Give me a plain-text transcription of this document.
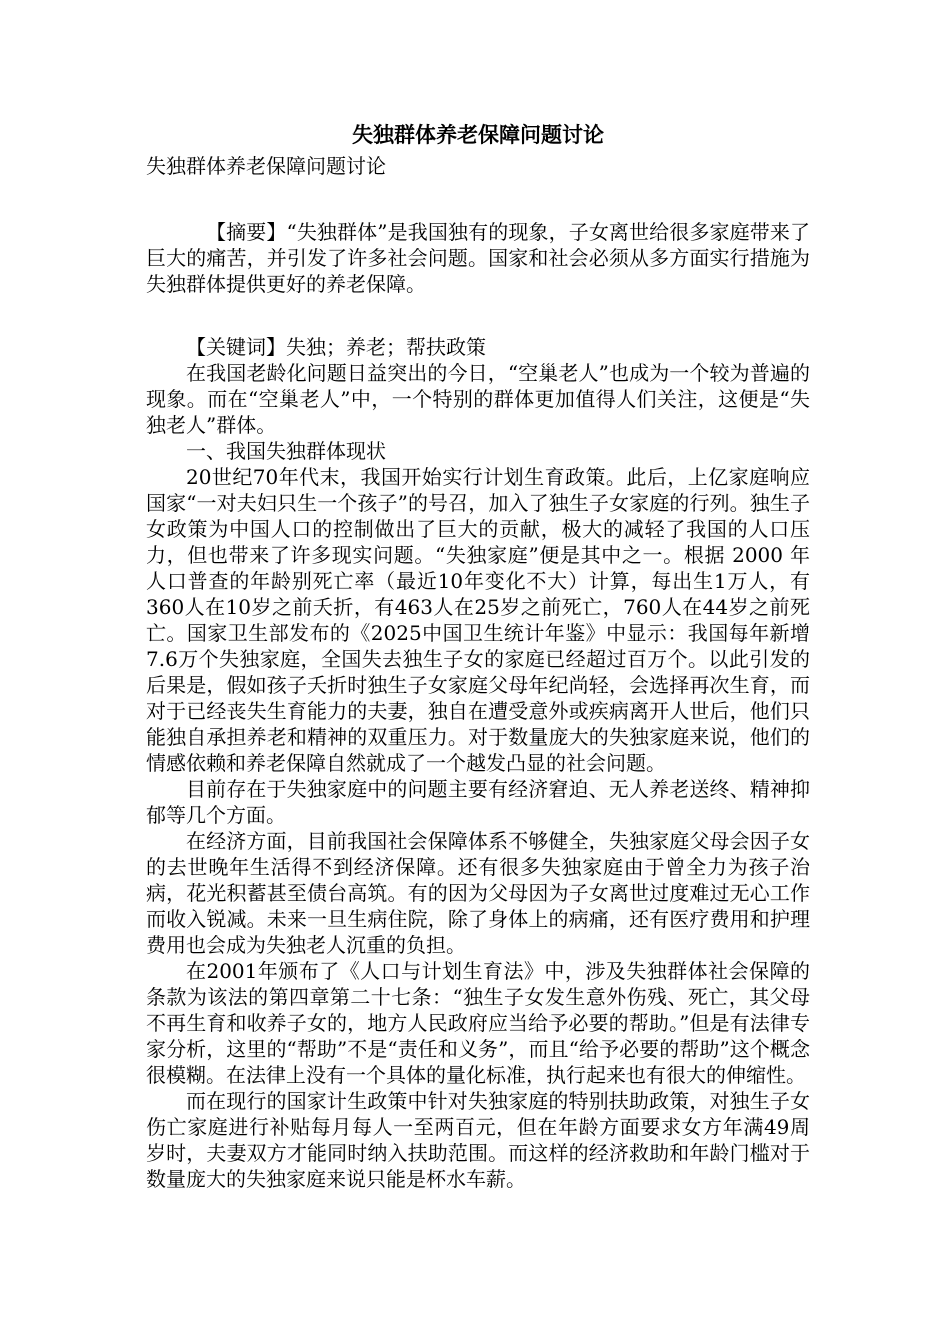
失独群体养老保障问题讨论

失独群体养老保障问题讨论

【摘要】“失独群体”是我国独有的现象，子女离世给很多家庭带来了巨大的痛苦，并引发了许多社会问题。国家和社会必须从多方面实行措施为失独群体提供更好的养老保障。

【关键词】失独；养老；帮扶政策

在我国老龄化问题日益突出的今日，“空巢老人”也成为一个较为普遍的现象。而在“空巢老人”中，一个特别的群体更加值得人们关注，这便是“失独老人”群体。

一、我国失独群体现状

20世纪70年代末，我国开始实行计划生育政策。此后，上亿家庭响应国家“一对夫妇只生一个孩子”的号召，加入了独生子女家庭的行列。独生子女政策为中国人口的控制做出了巨大的贡献，极大的减轻了我国的人口压力，但也带来了许多现实问题。“失独家庭”便是其中之一。根据 2000 年人口普查的年龄别死亡率（最近10年变化不大）计算，每出生1万人，有360人在10岁之前夭折，有463人在25岁之前死亡，760人在44岁之前死亡。国家卫生部发布的《2025中国卫生统计年鉴》中显示：我国每年新增7.6万个失独家庭，全国失去独生子女的家庭已经超过百万个。以此引发的后果是，假如孩子夭折时独生子女家庭父母年纪尚轻，会选择再次生育，而对于已经丧失生育能力的夫妻，独自在遭受意外或疾病离开人世后，他们只能独自承担养老和精神的双重压力。对于数量庞大的失独家庭来说，他们的情感依赖和养老保障自然就成了一个越发凸显的社会问题。

目前存在于失独家庭中的问题主要有经济窘迫、无人养老送终、精神抑郁等几个方面。

在经济方面，目前我国社会保障体系不够健全，失独家庭父母会因子女的去世晚年生活得不到经济保障。还有很多失独家庭由于曾全力为孩子治病，花光积蓄甚至债台高筑。有的因为父母因为子女离世过度难过无心工作而收入锐减。未来一旦生病住院，除了身体上的病痛，还有医疗费用和护理费用也会成为失独老人沉重的负担。

在2001年颁布了《人口与计划生育法》中，涉及失独群体社会保障的条款为该法的第四章第二十七条：“独生子女发生意外伤残、死亡，其父母不再生育和收养子女的，地方人民政府应当给予必要的帮助。”但是有法律专家分析，这里的“帮助”不是“责任和义务”，而且“给予必要的帮助”这个概念很模糊。在法律上没有一个具体的量化标准，执行起来也有很大的伸缩性。

而在现行的国家计生政策中针对失独家庭的特别扶助政策，对独生子女伤亡家庭进行补贴每月每人一至两百元，但在年龄方面要求女方年满49周岁时，夫妻双方才能同时纳入扶助范围。而这样的经济救助和年龄门槛对于数量庞大的失独家庭来说只能是杯水车薪。
